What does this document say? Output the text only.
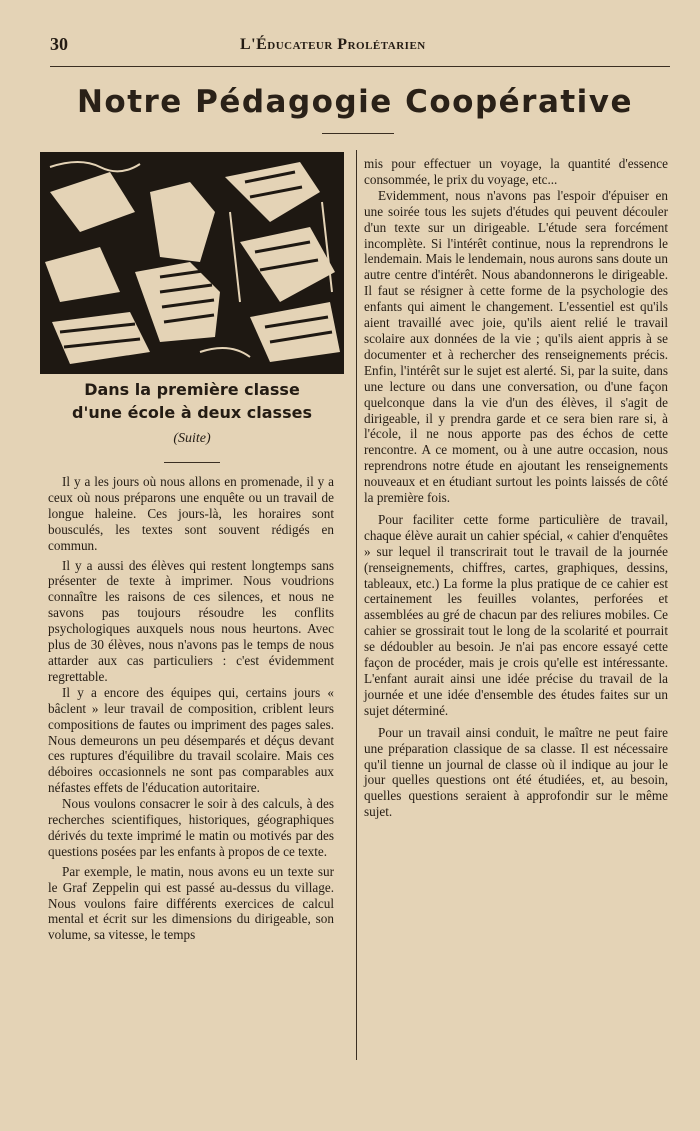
30	L'Éducateur Prolétarien
Notre Pédagogie Coopérative
Dans la première classe
d'une école à deux classes
(Suite)

Il y a les jours où nous allons en promenade, il y a ceux où nous préparons une enquête ou un travail de longue haleine. Ces jours-là, les horaires sont bousculés, les textes sont souvent rédigés en commun.

Il y a aussi des élèves qui restent longtemps sans présenter de texte à imprimer. Nous voudrions connaître les raisons de ces silences, et nous ne savons pas toujours résoudre les conflits psychologiques auxquels nous nous heurtons. Avec plus de 30 élèves, nous n'avons pas le temps de nous attarder aux cas particuliers : c'est évidemment regrettable.

Il y a encore des équipes qui, certains jours « bâclent » leur travail de composition, criblent leurs compositions de fautes ou impriment des pages sales. Nous demeurons un peu désemparés et déçus devant ces ruptures d'équilibre du travail scolaire. Mais ces déboires occasionnels ne sont pas comparables aux néfastes effets de l'éducation autoritaire.

Nous voulons consacrer le soir à des calculs, à des recherches scientifiques, historiques, géographiques dérivés du texte imprimé le matin ou motivés par des questions posées par les enfants à propos de ce texte.

Par exemple, le matin, nous avons eu un texte sur le Graf Zeppelin qui est passé au-dessus du village. Nous voulons faire différents exercices de calcul mental et écrit sur les dimensions du dirigeable, son volume, sa vitesse, le temps

mis pour effectuer un voyage, la quantité d'essence consommée, le prix du voyage, etc...

Evidemment, nous n'avons pas l'espoir d'épuiser en une soirée tous les sujets d'études qui peuvent découler d'un texte sur un dirigeable. L'étude sera forcément incomplète. Si l'intérêt continue, nous la reprendrons le lendemain. Mais le lendemain, nous aurons sans doute un autre centre d'intérêt. Nous abandonnerons le dirigeable. Il faut se résigner à cette forme de la psychologie des enfants qui aiment le changement. L'essentiel est qu'ils aient travaillé avec joie, qu'ils aient relié le travail scolaire aux données de la vie ; qu'ils aient appris à se documenter et à rechercher des renseignements précis. Enfin, l'intérêt sur le sujet est alerté. Si, par la suite, dans une lecture ou dans une conversation, ou d'une façon quelconque dans la vie d'un des élèves, il s'agit de dirigeable, il y prendra garde et ce sera bien rare si, à l'école, il ne nous apporte pas des échos de cette rencontre. A ce moment, ou à une autre occasion, nous reprendrons notre étude en ajoutant les renseignements nouveaux et en étudiant surtout les points laissés de côté la première fois.

Pour faciliter cette forme particulière de travail, chaque élève aurait un cahier spécial, « cahier d'enquêtes » sur lequel il transcrirait tout le travail de la journée (renseignements, chiffres, cartes, graphiques, dessins, tableaux, etc.) La forme la plus pratique de ce cahier est certainement les feuilles volantes, perforées et assemblées au gré de chacun par des reliures mobiles. Ce cahier se grossirait tout le long de la scolarité et pourrait se dédoubler au besoin. Je n'ai pas encore essayé cette façon de procéder, mais je crois qu'elle est intéressante. L'enfant aurait ainsi une idée précise du travail de la journée et une idée d'ensemble des études faites sur un sujet déterminé.

Pour un travail ainsi conduit, le maître ne peut faire une préparation classique de sa classe. Il est nécessaire qu'il tienne un journal de classe où il indique au jour le jour quelles questions ont été étudiées, et, au besoin, quelles questions seraient à approfondir sur le même sujet.
